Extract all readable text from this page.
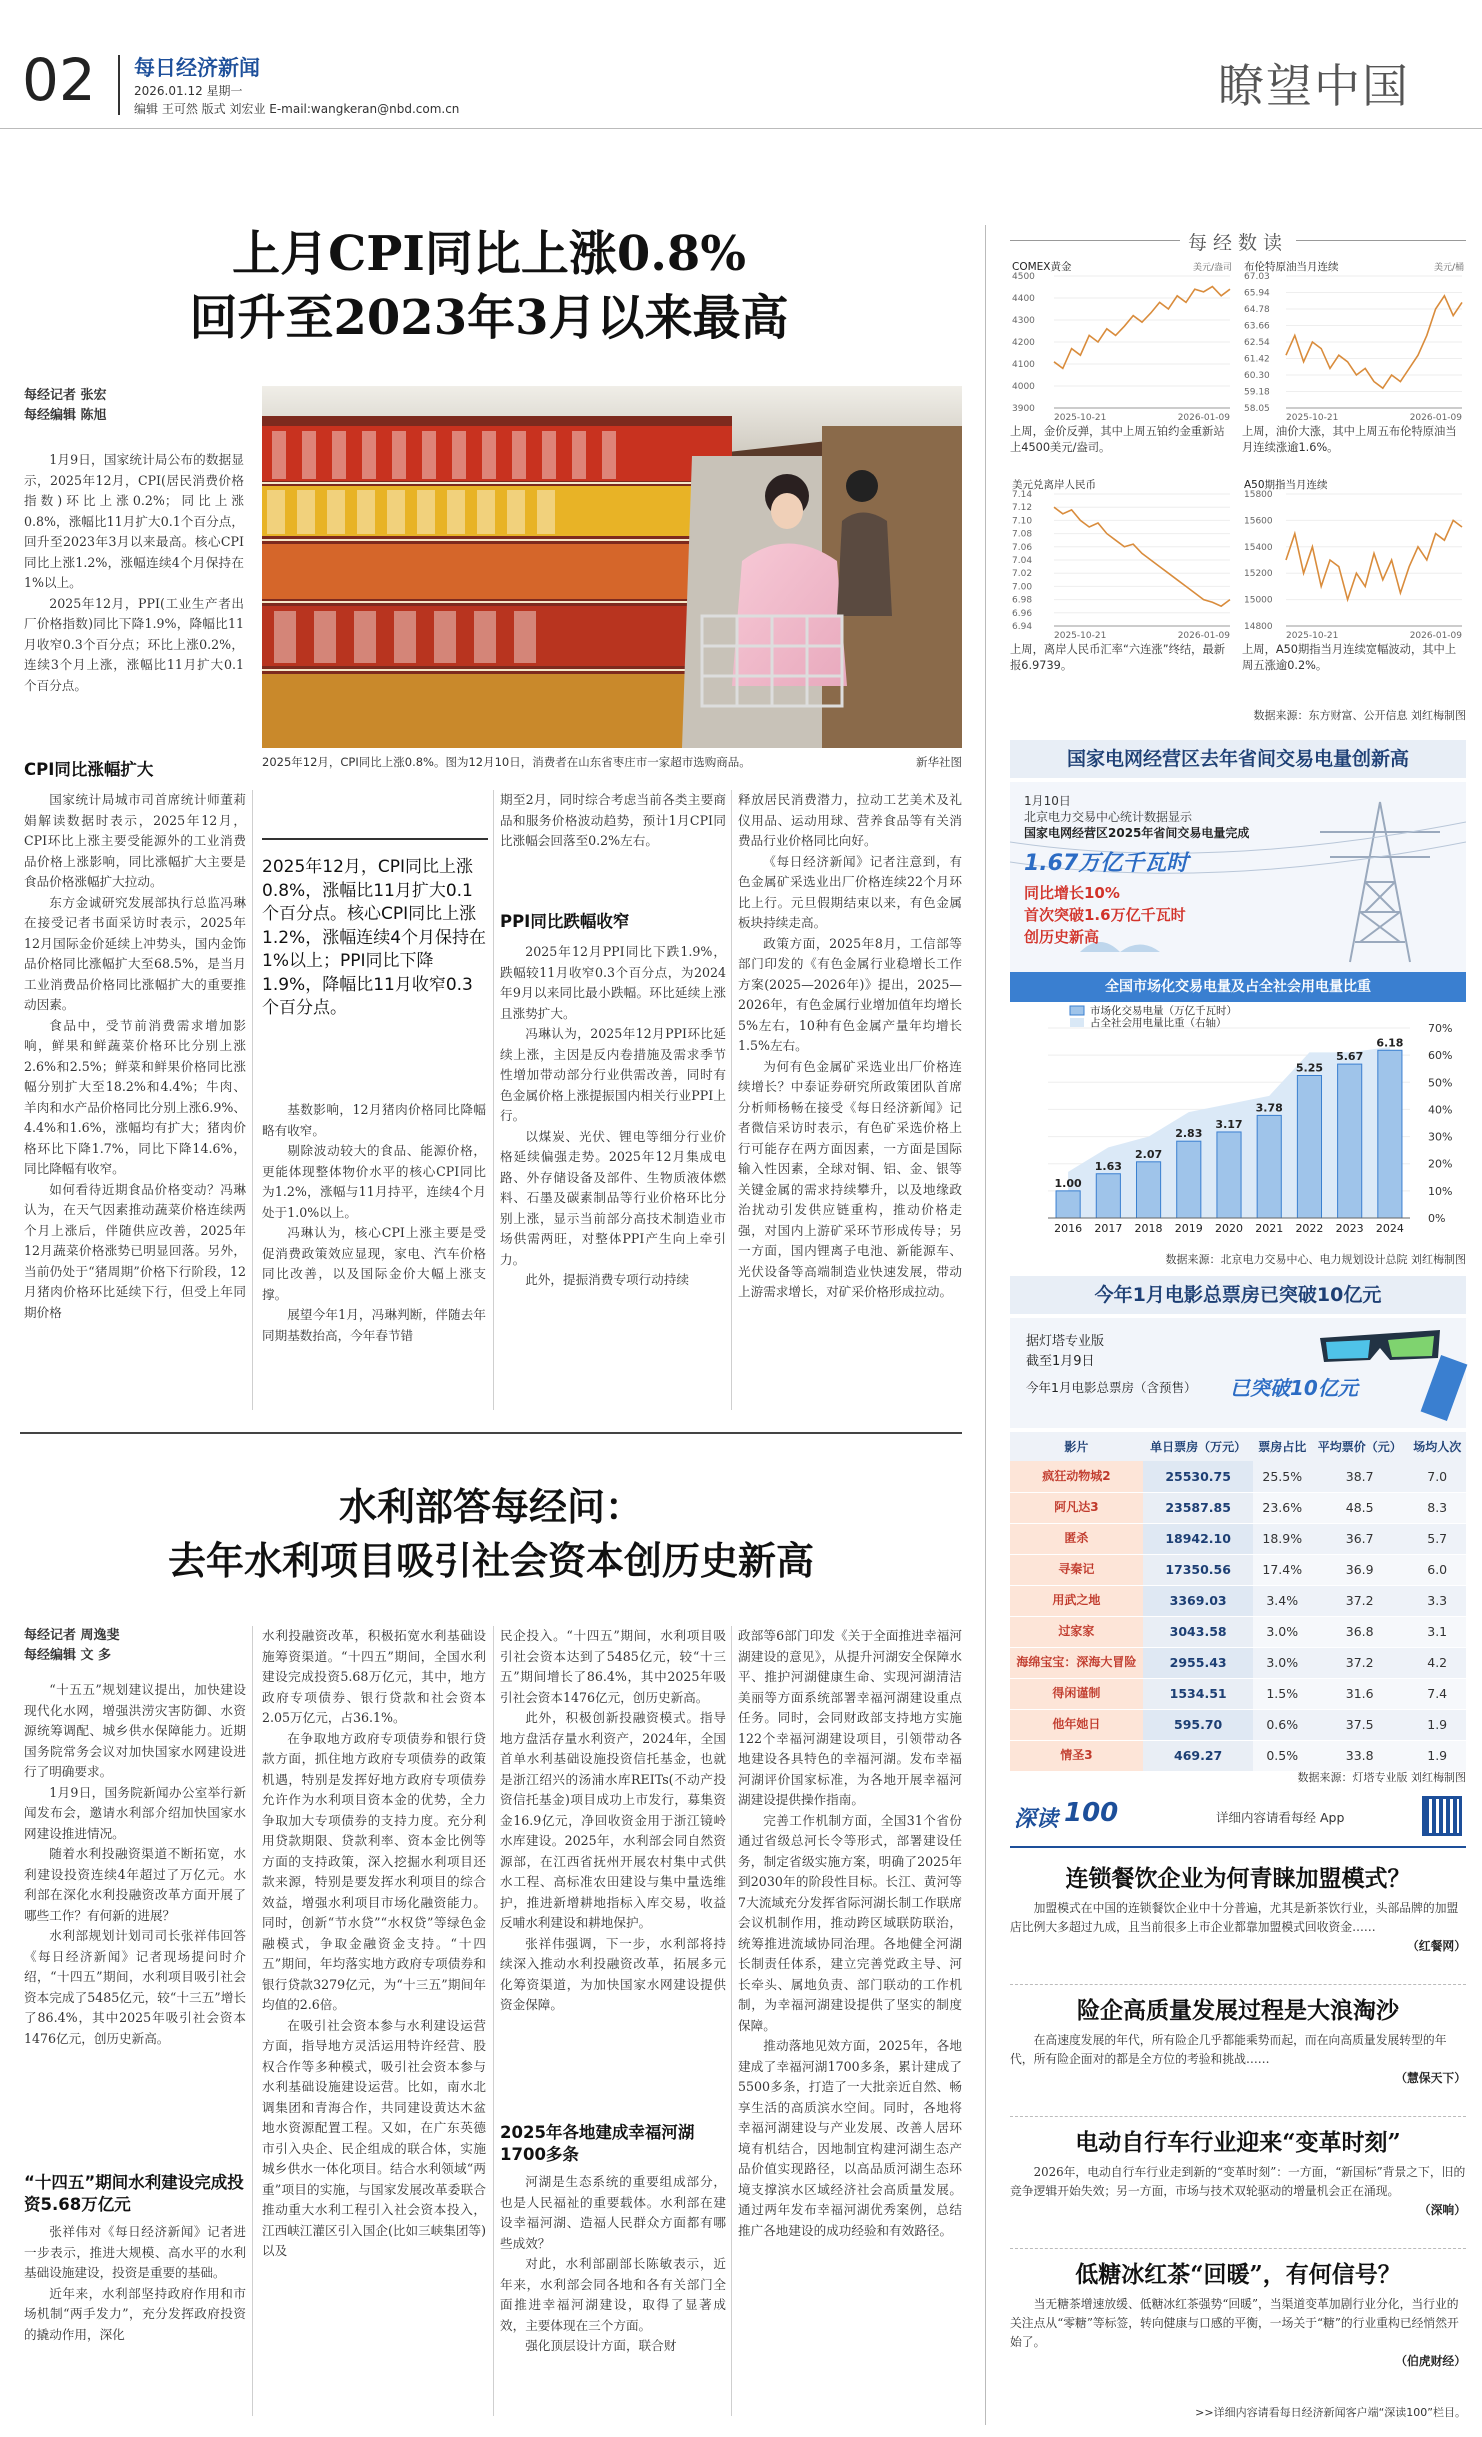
02 每日经济新闻
2026.01.12 星期一
编辑 王可然 版式 刘宏业 E-mail:wangkeran@nbd.com.cn	瞭望中国
上月CPI同比上涨0.8%
回升至2023年3月以来最高
每经记者 张宏
每经编辑 陈旭

1月9日，国家统计局公布的数据显示，2025年12月，CPI(居民消费价格指数)环比上涨0.2%；同比上涨0.8%，涨幅比11月扩大0.1个百分点，回升至2023年3月以来最高。核心CPI同比上涨1.2%，涨幅连续4个月保持在1%以上。

2025年12月，PPI(工业生产者出厂价格指数)同比下降1.9%，降幅比11月收窄0.3个百分点；环比上涨0.2%，连续3个月上涨，涨幅比11月扩大0.1个百分点。

2025年12月，CPI同比上涨0.8%。图为12月10日，消费者在山东省枣庄市一家超市选购商品。	新华社图
CPI同比涨幅扩大

国家统计局城市司首席统计师董莉娟解读数据时表示，2025年12月，CPI环比上涨主要受能源外的工业消费品价格上涨影响，同比涨幅扩大主要是食品价格涨幅扩大拉动。

东方金诚研究发展部执行总监冯琳在接受记者书面采访时表示，2025年12月国际金价延续上冲势头，国内金饰品价格同比涨幅扩大至68.5%，是当月工业消费品价格同比涨幅扩大的重要推动因素。

食品中，受节前消费需求增加影响，鲜果和鲜蔬菜价格环比分别上涨2.6%和2.5%；鲜菜和鲜果价格同比涨幅分别扩大至18.2%和4.4%；牛肉、羊肉和水产品价格同比分别上涨6.9%、4.4%和1.6%，涨幅均有扩大；猪肉价格环比下降1.7%，同比下降14.6%，同比降幅有收窄。

如何看待近期食品价格变动？冯琳认为，在天气因素推动蔬菜价格连续两个月上涨后，伴随供应改善，2025年12月蔬菜价格涨势已明显回落。另外，当前仍处于“猪周期”价格下行阶段，12月猪肉价格环比延续下行，但受上年同期价格

2025年12月，CPI同比上涨0.8%，涨幅比11月扩大0.1个百分点。核心CPI同比上涨1.2%，涨幅连续4个月保持在1%以上；PPI同比下降1.9%，降幅比11月收窄0.3个百分点。

基数影响，12月猪肉价格同比降幅略有收窄。

剔除波动较大的食品、能源价格，更能体现整体物价水平的核心CPI同比为1.2%，涨幅与11月持平，连续4个月处于1.0%以上。

冯琳认为，核心CPI上涨主要是受促消费政策效应显现，家电、汽车价格同比改善，以及国际金价大幅上涨支撑。

展望今年1月，冯琳判断，伴随去年同期基数抬高，今年春节错

期至2月，同时综合考虑当前各类主要商品和服务价格波动趋势，预计1月CPI同比涨幅会回落至0.2%左右。

PPI同比跌幅收窄

2025年12月PPI同比下跌1.9%，跌幅较11月收窄0.3个百分点，为2024年9月以来同比最小跌幅。环比延续上涨且涨势扩大。

冯琳认为，2025年12月PPI环比延续上涨，主因是反内卷措施及需求季节性增加带动部分行业供需改善，同时有色金属价格上涨提振国内相关行业PPI上行。

以煤炭、光伏、锂电等细分行业价格延续偏强走势。2025年12月集成电路、外存储设备及部件、生物质液体燃料、石墨及碳素制品等行业价格环比分别上涨，显示当前部分高技术制造业市场供需两旺，对整体PPI产生向上牵引力。

此外，提振消费专项行动持续

释放居民消费潜力，拉动工艺美术及礼仪用品、运动用球、营养食品等有关消费品行业价格同比向好。

《每日经济新闻》记者注意到，有色金属矿采选业出厂价格连续22个月环比上行。元旦假期结束以来，有色金属板块持续走高。

政策方面，2025年8月，工信部等部门印发的《有色金属行业稳增长工作方案(2025—2026年)》提出，2025—2026年，有色金属行业增加值年均增长5%左右，10种有色金属产量年均增长1.5%左右。

为何有色金属矿采选业出厂价格连续增长？中泰证券研究所政策团队首席分析师杨畅在接受《每日经济新闻》记者微信采访时表示，有色矿采选价格上行可能存在两方面因素，一方面是国际输入性因素，全球对铜、铝、金、银等关键金属的需求持续攀升，以及地缘政治扰动引发供应链重构，推动价格走强，对国内上游矿采环节形成传导；另一方面，国内锂离子电池、新能源车、光伏设备等高端制造业快速发展，带动上游需求增长，对矿采价格形成拉动。

水利部答每经问：
去年水利项目吸引社会资本创历史新高
每经记者 周逸斐
每经编辑 文 多

“十五五”规划建议提出，加快建设现代化水网，增强洪涝灾害防御、水资源统筹调配、城乡供水保障能力。近期国务院常务会议对加快国家水网建设进行了明确要求。

1月9日，国务院新闻办公室举行新闻发布会，邀请水利部介绍加快国家水网建设推进情况。

随着水利投融资渠道不断拓宽，水利建设投资连续4年超过了万亿元。水利部在深化水利投融资改革方面开展了哪些工作？有何新的进展？

水利部规划计划司司长张祥伟回答《每日经济新闻》记者现场提问时介绍，“十四五”期间，水利项目吸引社会资本完成了5485亿元，较“十三五”增长了86.4%，其中2025年吸引社会资本1476亿元，创历史新高。

“十四五”期间水利建设完成投资5.68万亿元

张祥伟对《每日经济新闻》记者进一步表示，推进大规模、高水平的水利基础设施建设，投资是重要的基础。

近年来，水利部坚持政府作用和市场机制“两手发力”，充分发挥政府投资的撬动作用，深化

水利投融资改革，积极拓宽水利基础设施筹资渠道。“十四五”期间，全国水利建设完成投资5.68万亿元，其中，地方政府专项债券、银行贷款和社会资本2.05万亿元，占36.1%。

在争取地方政府专项债券和银行贷款方面，抓住地方政府专项债券的政策机遇，特别是发挥好地方政府专项债券允许作为水利项目资本金的优势，全力争取加大专项债券的支持力度。充分利用贷款期限、贷款利率、资本金比例等方面的支持政策，深入挖掘水利项目还款来源，特别是要发挥水利项目的综合效益，增强水利项目市场化融资能力。同时，创新“节水贷”“水权贷”等绿色金融模式，争取金融资金支持。“十四五”期间，年均落实地方政府专项债券和银行贷款3279亿元，为“十三五”期间年均值的2.6倍。

在吸引社会资本参与水利建设运营方面，指导地方灵活运用特许经营、股权合作等多种模式，吸引社会资本参与水利基础设施建设运营。比如，南水北调集团和青海合作，共同建设黄达木盆地水资源配置工程。又如，在广东英德市引入央企、民企组成的联合体，实施城乡供水一体化项目。结合水利领域“两重”项目的实施，与国家发展改革委联合推动重大水利工程引入社会资本投入，江西峡江灌区引入国企(比如三峡集团等)以及

民企投入。“十四五”期间，水利项目吸引社会资本达到了5485亿元，较“十三五”期间增长了86.4%，其中2025年吸引社会资本1476亿元，创历史新高。

此外，积极创新投融资模式。指导地方盘活存量水利资产，2024年，全国首单水利基础设施投资信托基金，也就是浙江绍兴的汤浦水库REITs(不动产投资信托基金)项目成功上市发行，募集资金16.9亿元，净回收资金用于浙江镜岭水库建设。2025年，水利部会同自然资源部，在江西省抚州开展农村集中式供水工程、高标准农田建设与集中量选维护，推进新增耕地指标入库交易，收益反哺水利建设和耕地保护。

张祥伟强调，下一步，水利部将持续深入推动水利投融资改革，拓展多元化筹资渠道，为加快国家水网建设提供资金保障。

2025年各地建成幸福河湖1700多条

河湖是生态系统的重要组成部分，也是人民福祉的重要载体。水利部在建设幸福河湖、造福人民群众方面都有哪些成效？

对此，水利部副部长陈敏表示，近年来，水利部会同各地和各有关部门全面推进幸福河湖建设，取得了显著成效，主要体现在三个方面。

强化顶层设计方面，联合财

政部等6部门印发《关于全面推进幸福河湖建设的意见》，从提升河湖安全保障水平、推护河湖健康生命、实现河湖清洁美丽等方面系统部署幸福河湖建设重点任务。同时，会同财政部支持地方实施122个幸福河湖建设项目，引领带动各地建设各具特色的幸福河湖。发布幸福河湖评价国家标准，为各地开展幸福河湖建设提供操作指南。

完善工作机制方面，全国31个省份通过省级总河长令等形式，部署建设任务，制定省级实施方案，明确了2025年到2030年的阶段性目标。长江、黄河等7大流域充分发挥省际河湖长制工作联席会议机制作用，推动跨区域联防联治，统筹推进流域协同治理。各地健全河湖长制责任体系，建立完善党政主导、河长牵头、属地负责、部门联动的工作机制，为幸福河湖建设提供了坚实的制度保障。

推动落地见效方面，2025年，各地建成了幸福河湖1700多条，累计建成了5500多条，打造了一大批亲近自然、畅享生活的高质滨水空间。同时，各地将幸福河湖建设与产业发展、改善人居环境有机结合，因地制宜构建河湖生态产品价值实现路径，以高品质河湖生态环境支撑滨水区域经济社会高质量发展。通过两年发布幸福河湖优秀案例，总结推广各地建设的成功经验和有效路径。

每经数读
COMEX黄金	美元/盎司
4500
4400
4300
4200
4100
4000
3900
2025-10-21	2026-01-09
上周，金价反弹，其中上周五铂约金重新站上4500美元/盎司。
布伦特原油当月连续	美元/桶
67.03
65.94
64.78
63.66
62.54
61.42
60.30
59.18
58.05
2025-10-21	2026-01-09
上周，油价大涨，其中上周五布伦特原油当月连续涨逾1.6%。
美元兑离岸人民币
7.14
7.12
7.10
7.08
7.06
7.04
7.02
7.00
6.98
6.96
6.94
2025-10-21	2026-01-09
上周，离岸人民币汇率“六连涨”终结，最新报6.9739。
A50期指当月连续
15800
15600
15400
15200
15000
14800
2025-10-21	2026-01-09
上周，A50期指当月连续宽幅波动，其中上周五涨逾0.2%。
数据来源：东方财富、公开信息 刘红梅制图
国家电网经营区去年省间交易电量创新高
1月10日
北京电力交易中心统计数据显示
国家电网经营区2025年省间交易电量完成
1.67万亿千瓦时
同比增长10%
首次突破1.6万亿千瓦时
创历史新高
全国市场化交易电量及占全社会用电量比重
70%
60%
50%
40%
30%
20%
10%
0%
市场化交易电量（万亿千瓦时）
占全社会用电量比重（右轴）
1.00
2016
1.63
2017
2.07
2018
2.83
2019
3.17
2020
3.78
2021
5.25
2022
5.67
2023
6.18
2024
数据来源：北京电力交易中心、电力规划设计总院 刘红梅制图
今年1月电影总票房已突破10亿元
据灯塔专业版
截至1月9日
今年1月电影总票房（含预售） 已突破10亿元
影片	单日票房（万元）	票房占比	平均票价（元）	场均人次
疯狂动物城2	25530.75	25.5%	38.7	7.0
阿凡达3	23587.85	23.6%	48.5	8.3
匿杀	18942.10	18.9%	36.7	5.7
寻秦记	17350.56	17.4%	36.9	6.0
用武之地	3369.03	3.4%	37.2	3.3
过家家	3043.58	3.0%	36.8	3.1
海绵宝宝：深海大冒险	2955.43	3.0%	37.2	4.2
得闲谨制	1534.51	1.5%	31.6	7.4
他年她日	595.70	0.6%	37.5	1.9
情圣3	469.27	0.5%	33.8	1.9
数据来源：灯塔专业版 刘红梅制图
深读 100	详细内容请看每经 App
连锁餐饮企业为何青睐加盟模式？
加盟模式在中国的连锁餐饮企业中十分普遍，尤其是新茶饮行业，头部品牌的加盟店比例大多超过九成，且当前很多上市企业都靠加盟模式回收资金……
（红餐网）
险企高质量发展过程是大浪淘沙
在高速度发展的年代，所有险企几乎都能乘势而起，而在向高质量发展转型的年代，所有险企面对的都是全方位的考验和挑战……
（慧保天下）
电动自行车行业迎来“变革时刻”
2026年，电动自行车行业走到新的“变革时刻”：一方面，“新国标”背景之下，旧的竞争逻辑开始失效；另一方面，市场与技术双轮驱动的增量机会正在涌现。
（深响）
低糖冰红茶“回暖”，有何信号？
当无糖茶增速放缓、低糖冰红茶强势“回暖”，当渠道变革加剧行业分化，当行业的关注点从“零糖”等标签，转向健康与口感的平衡，一场关于“糖”的行业重构已经悄然开始了。
（伯虎财经）
>>详细内容请看每日经济新闻客户端“深读100”栏目。
